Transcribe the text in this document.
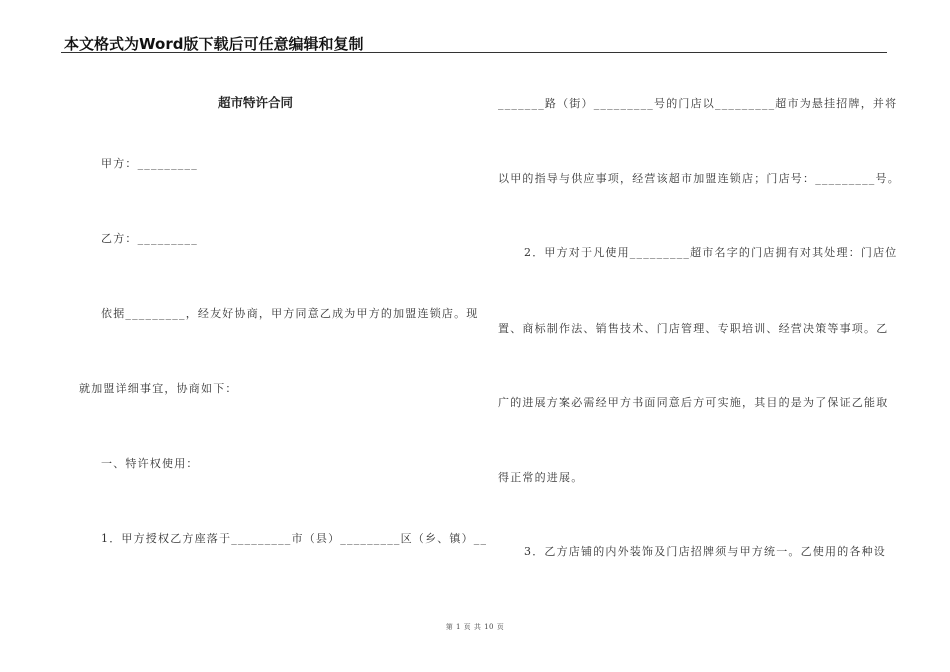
本文格式为Word版下载后可任意编辑和复制
超市特许合同
甲方：_________
乙方：_________
依据_________，经友好协商，甲方同意乙成为甲方的加盟连锁店。现
就加盟详细事宜，协商如下：
一、特许权使用：
1．甲方授权乙方座落于_________市（县）_________区（乡、镇）__
_______路（街）_________号的门店以_________超市为悬挂招牌，并将
以甲的指导与供应事项，经营该超市加盟连锁店；门店号：_________号。
2．甲方对于凡使用_________超市名字的门店拥有对其处理：门店位
置、商标制作法、销售技术、门店管理、专职培训、经营决策等事项。乙
广的进展方案必需经甲方书面同意后方可实施，其目的是为了保证乙能取
得正常的进展。
3．乙方店铺的内外装饰及门店招牌须与甲方统一。乙使用的各种设
第 1 页 共 10 页
